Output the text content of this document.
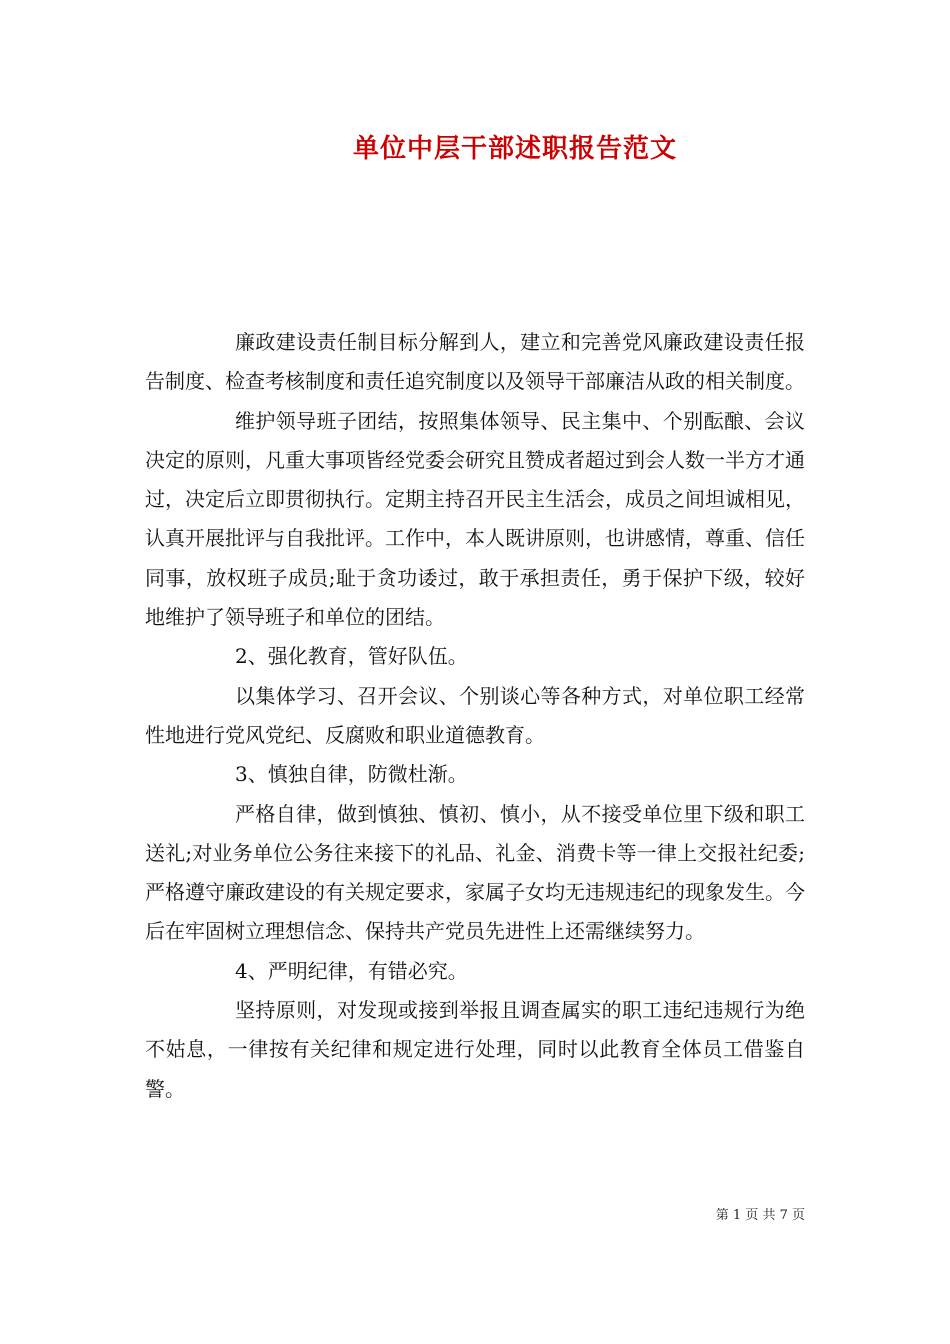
单位中层干部述职报告范文

廉政建设责任制目标分解到人，建立和完善党风廉政建设责任报告制度、检查考核制度和责任追究制度以及领导干部廉洁从政的相关制度。

维护领导班子团结，按照集体领导、民主集中、个别酝酿、会议决定的原则，凡重大事项皆经党委会研究且赞成者超过到会人数一半方才通过，决定后立即贯彻执行。定期主持召开民主生活会，成员之间坦诚相见，认真开展批评与自我批评。工作中，本人既讲原则，也讲感情，尊重、信任同事，放权班子成员;耻于贪功诿过，敢于承担责任，勇于保护下级，较好地维护了领导班子和单位的团结。

2、强化教育，管好队伍。

以集体学习、召开会议、个别谈心等各种方式，对单位职工经常性地进行党风党纪、反腐败和职业道德教育。

3、慎独自律，防微杜渐。

严格自律，做到慎独、慎初、慎小，从不接受单位里下级和职工送礼;对业务单位公务往来接下的礼品、礼金、消费卡等一律上交报社纪委;严格遵守廉政建设的有关规定要求，家属子女均无违规违纪的现象发生。今后在牢固树立理想信念、保持共产党员先进性上还需继续努力。

4、严明纪律，有错必究。

坚持原则，对发现或接到举报且调查属实的职工违纪违规行为绝不姑息，一律按有关纪律和规定进行处理，同时以此教育全体员工借鉴自警。

第 1 页 共 7 页
